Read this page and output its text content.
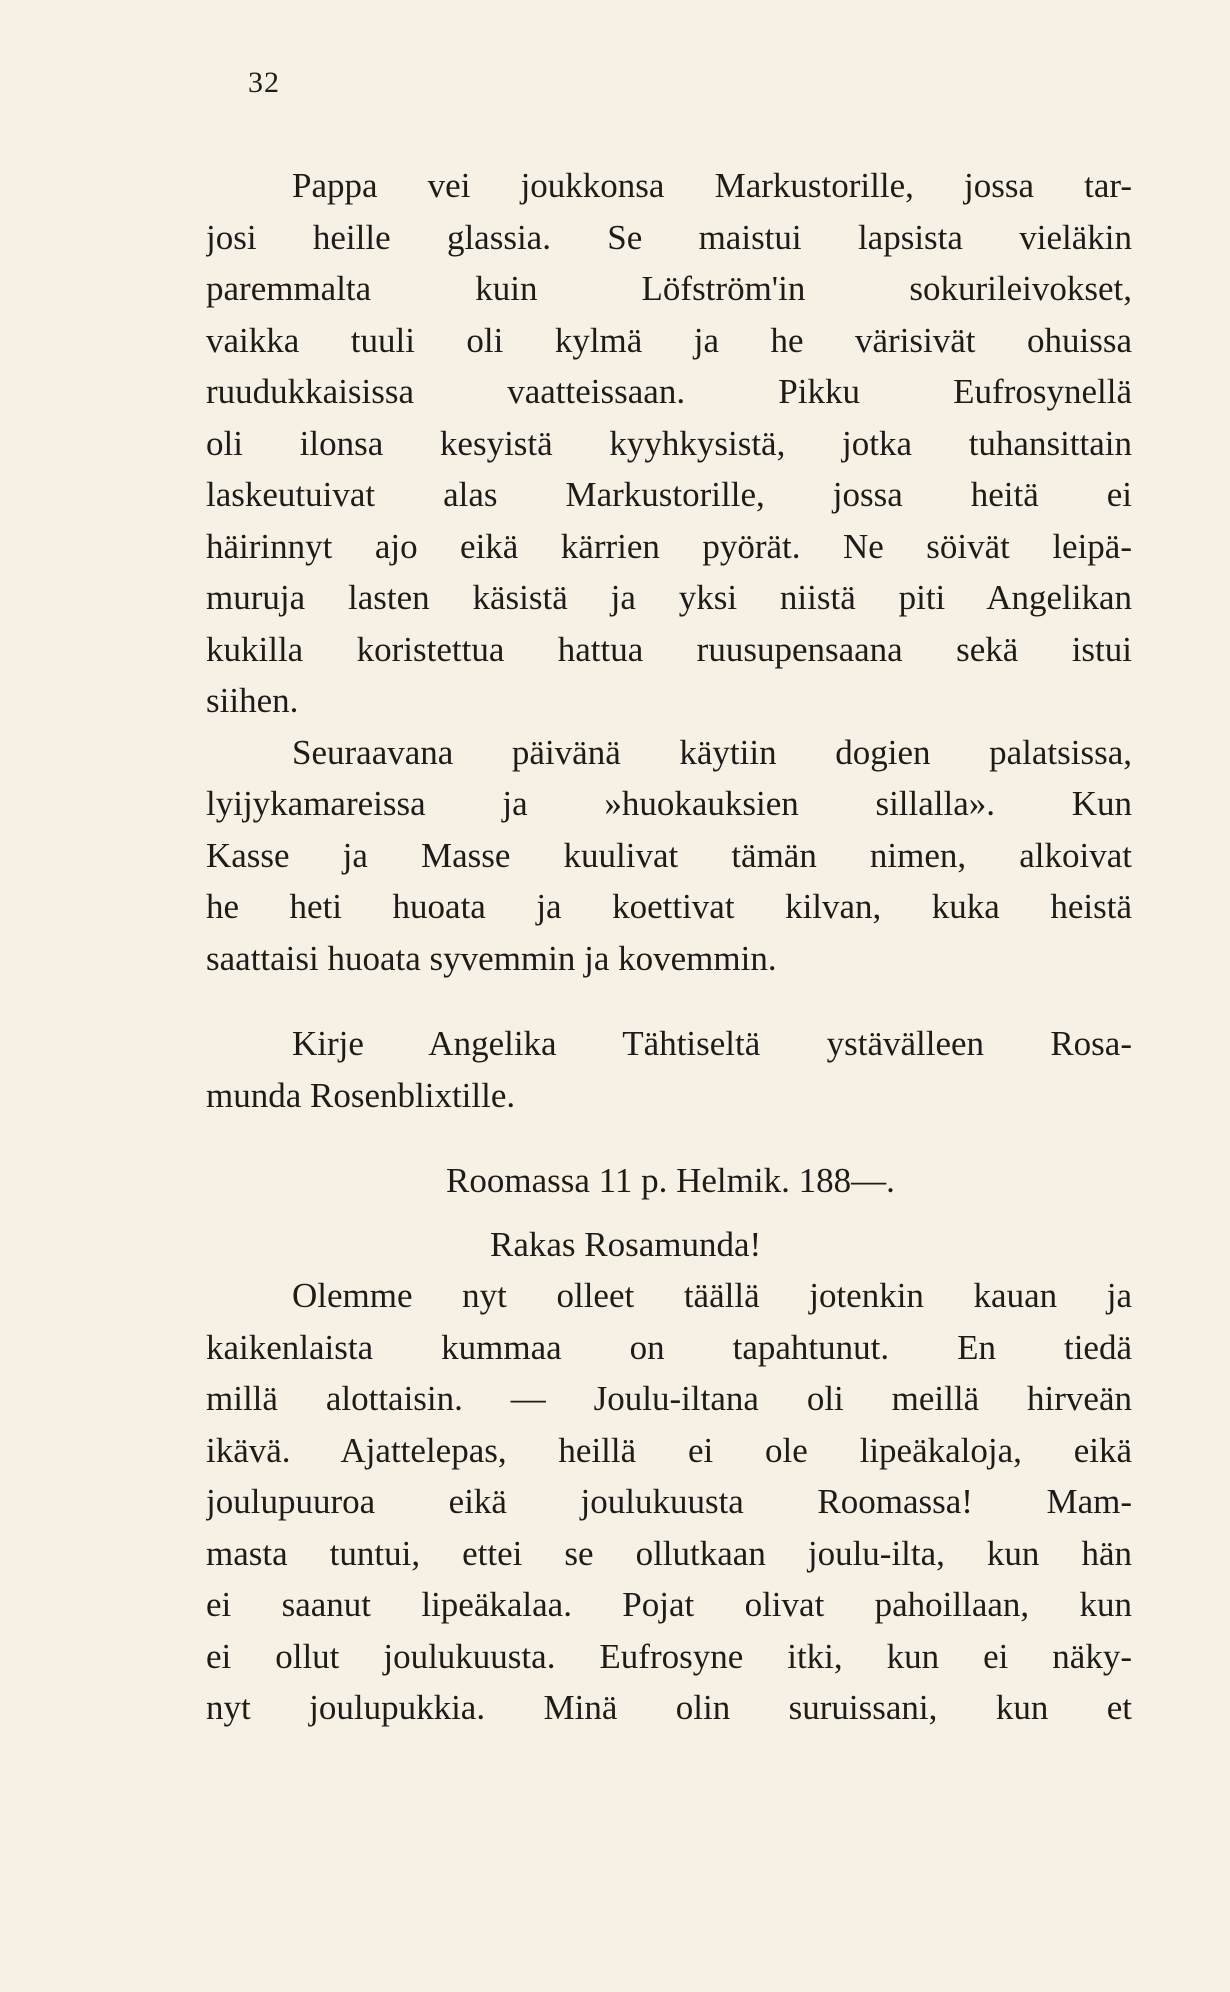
32
Pappa vei joukkonsa Markustorille, jossa tar-
josi heille glassia. Se maistui lapsista vieläkin
paremmalta kuin Löfström'in sokurileivokset,
vaikka tuuli oli kylmä ja he värisivät ohuissa
ruudukkaisissa vaatteissaan. Pikku Eufrosynellä
oli ilonsa kesyistä kyyhkysistä, jotka tuhansittain
laskeutuivat alas Markustorille, jossa heitä ei
häirinnyt ajo eikä kärrien pyörät. Ne söivät leipä-
muruja lasten käsistä ja yksi niistä piti Angelikan
kukilla koristettua hattua ruusupensaana sekä istui
siihen.
Seuraavana päivänä käytiin dogien palatsissa,
lyijykamareissa ja »huokauksien sillalla». Kun
Kasse ja Masse kuulivat tämän nimen, alkoivat
he heti huoata ja koettivat kilvan, kuka heistä
saattaisi huoata syvemmin ja kovemmin.
Kirje Angelika Tähtiseltä ystävälleen Rosa-
munda Rosenblixtille.
Roomassa 11 p. Helmik. 188—.
Rakas Rosamunda!
Olemme nyt olleet täällä jotenkin kauan ja
kaikenlaista kummaa on tapahtunut. En tiedä
millä alottaisin. — Joulu-iltana oli meillä hirveän
ikävä. Ajattelepas, heillä ei ole lipeäkaloja, eikä
joulupuuroa eikä joulukuusta Roomassa! Mam-
masta tuntui, ettei se ollutkaan joulu-ilta, kun hän
ei saanut lipeäkalaa. Pojat olivat pahoillaan, kun
ei ollut joulukuusta. Eufrosyne itki, kun ei näky-
nyt joulupukkia. Minä olin suruissani, kun et
